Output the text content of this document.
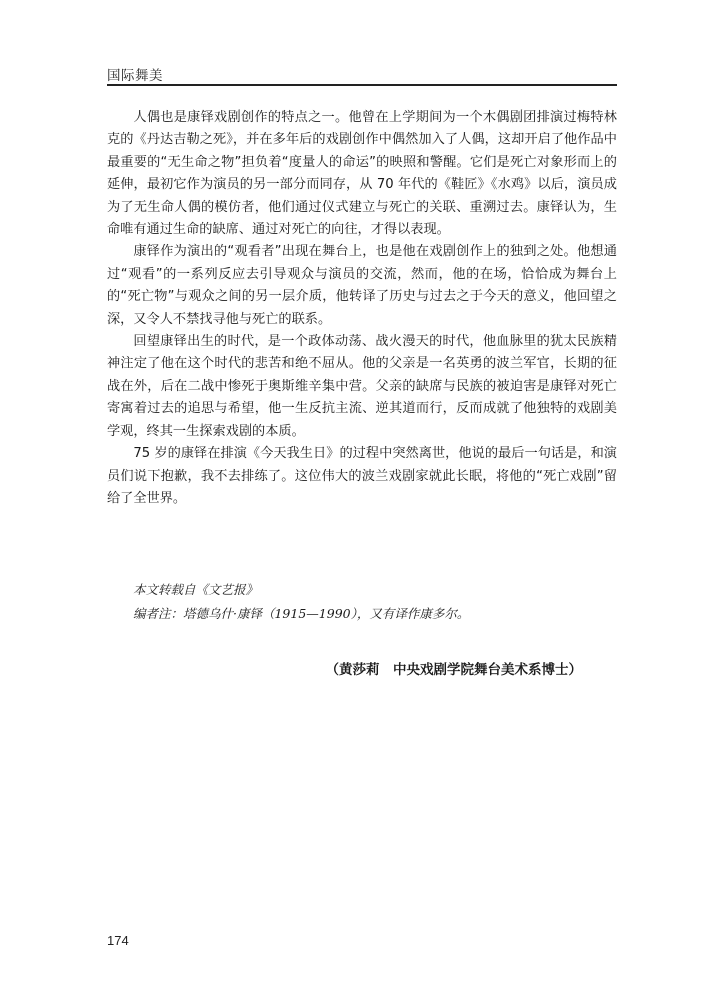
国际舞美

人偶也是康铎戏剧创作的特点之一。他曾在上学期间为一个木偶剧团排演过梅特林克的《丹达吉勒之死》，并在多年后的戏剧创作中偶然加入了人偶，这却开启了他作品中最重要的“无生命之物”担负着“度量人的命运”的映照和警醒。它们是死亡对象形而上的延伸，最初它作为演员的另一部分而同存，从 70 年代的《鞋匠》《水鸡》以后，演员成为了无生命人偶的模仿者，他们通过仪式建立与死亡的关联、重溯过去。康铎认为，生命唯有通过生命的缺席、通过对死亡的向往，才得以表现。

康铎作为演出的“观看者”出现在舞台上，也是他在戏剧创作上的独到之处。他想通过“观看”的一系列反应去引导观众与演员的交流，然而，他的在场，恰恰成为舞台上的“死亡物”与观众之间的另一层介质，他转译了历史与过去之于今天的意义，他回望之深，又令人不禁找寻他与死亡的联系。

回望康铎出生的时代，是一个政体动荡、战火漫天的时代，他血脉里的犹太民族精神注定了他在这个时代的悲苦和绝不屈从。他的父亲是一名英勇的波兰军官，长期的征战在外，后在二战中惨死于奥斯维辛集中营。父亲的缺席与民族的被迫害是康铎对死亡寄寓着过去的追思与希望，他一生反抗主流、逆其道而行，反而成就了他独特的戏剧美学观，终其一生探索戏剧的本质。

75 岁的康铎在排演《今天我生日》的过程中突然离世，他说的最后一句话是，和演员们说下抱歉，我不去排练了。这位伟大的波兰戏剧家就此长眠，将他的“死亡戏剧”留给了全世界。

本文转载自《文艺报》
编者注：塔德乌什·康铎（1915—1990），又有译作康多尔。
（黄莎莉　中央戏剧学院舞台美术系博士）
174
